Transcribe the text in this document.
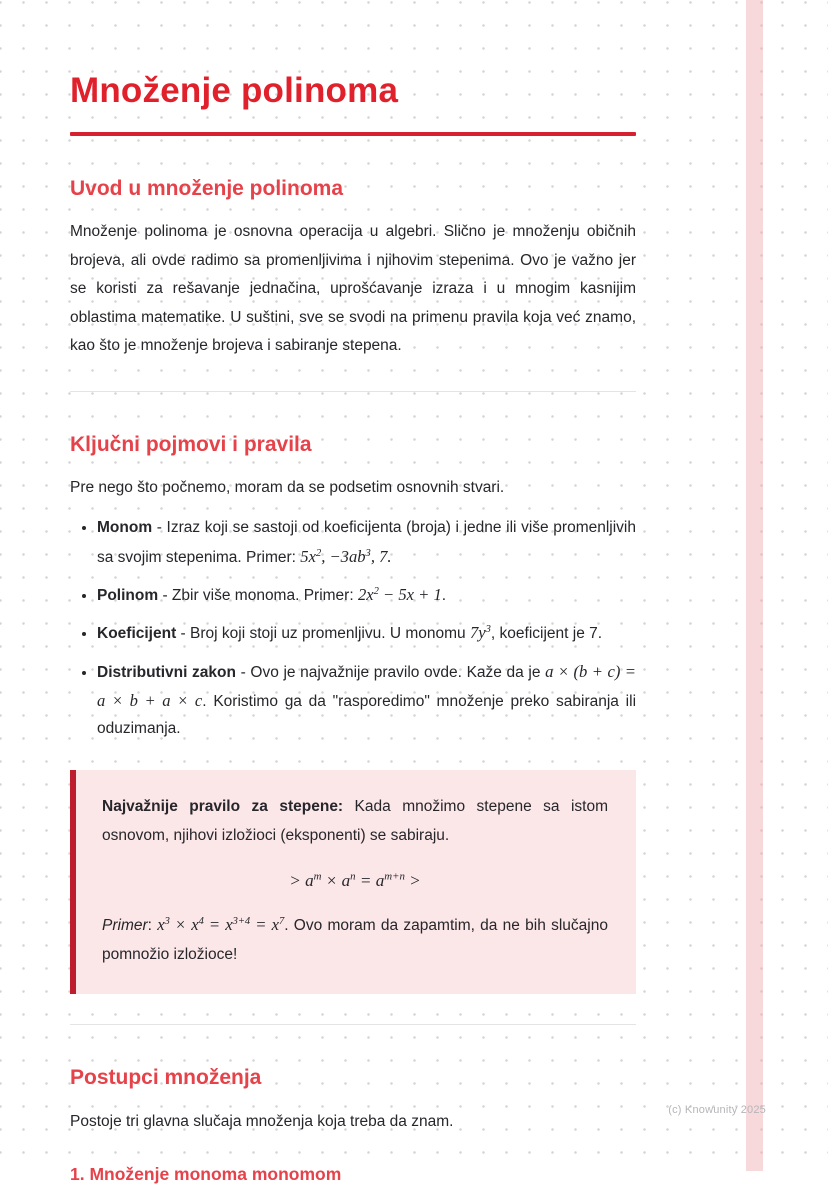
Množenje polinoma
Uvod u množenje polinoma

Množenje polinoma je osnovna operacija u algebri. Slično je množenju običnih brojeva, ali ovde radimo sa promenljivima i njihovim stepenima. Ovo je važno jer se koristi za rešavanje jednačina, uprošćavanje izraza i u mnogim kasnijim oblastima matematike. U suštini, sve se svodi na primenu pravila koja već znamo, kao što je množenje brojeva i sabiranje stepena.

Ključni pojmovi i pravila

Pre nego što počnemo, moram da se podsetim osnovnih stvari.

• Monom - Izraz koji se sastoji od koeficijenta (broja) i jedne ili više promenljivih sa svojim stepenima. Primer: $5x^2$, $-3ab^3$, 7.
• Polinom - Zbir više monoma. Primer: $2x^2 - 5x + 1$.
• Koeficijent - Broj koji stoji uz promenljivu. U monomu $7y^3$, koeficijent je 7.
• Distributivni zakon - Ovo je najvažnije pravilo ovde. Kaže da je a × (b + c) = a × b + a × c. Koristimo ga da "rasporedimo" množenje preko sabiranja ili oduzimanja.

Najvažnije pravilo za stepene: Kada množimo stepene sa istom osnovom, njihovi izložioci (eksponenti) se sabiraju.

> $a^m \times a^n = a^{m+n}$ >

Primer: $x^3 \times x^4 = x^{3+4} = x^7$. Ovo moram da zapamtim, da ne bih slučajno pomnožio izložioce!

Postupci množenja

Postoje tri glavna slučaja množenja koja treba da znam.

1. Množenje monoma monomom
(c) Knowunity 2025
